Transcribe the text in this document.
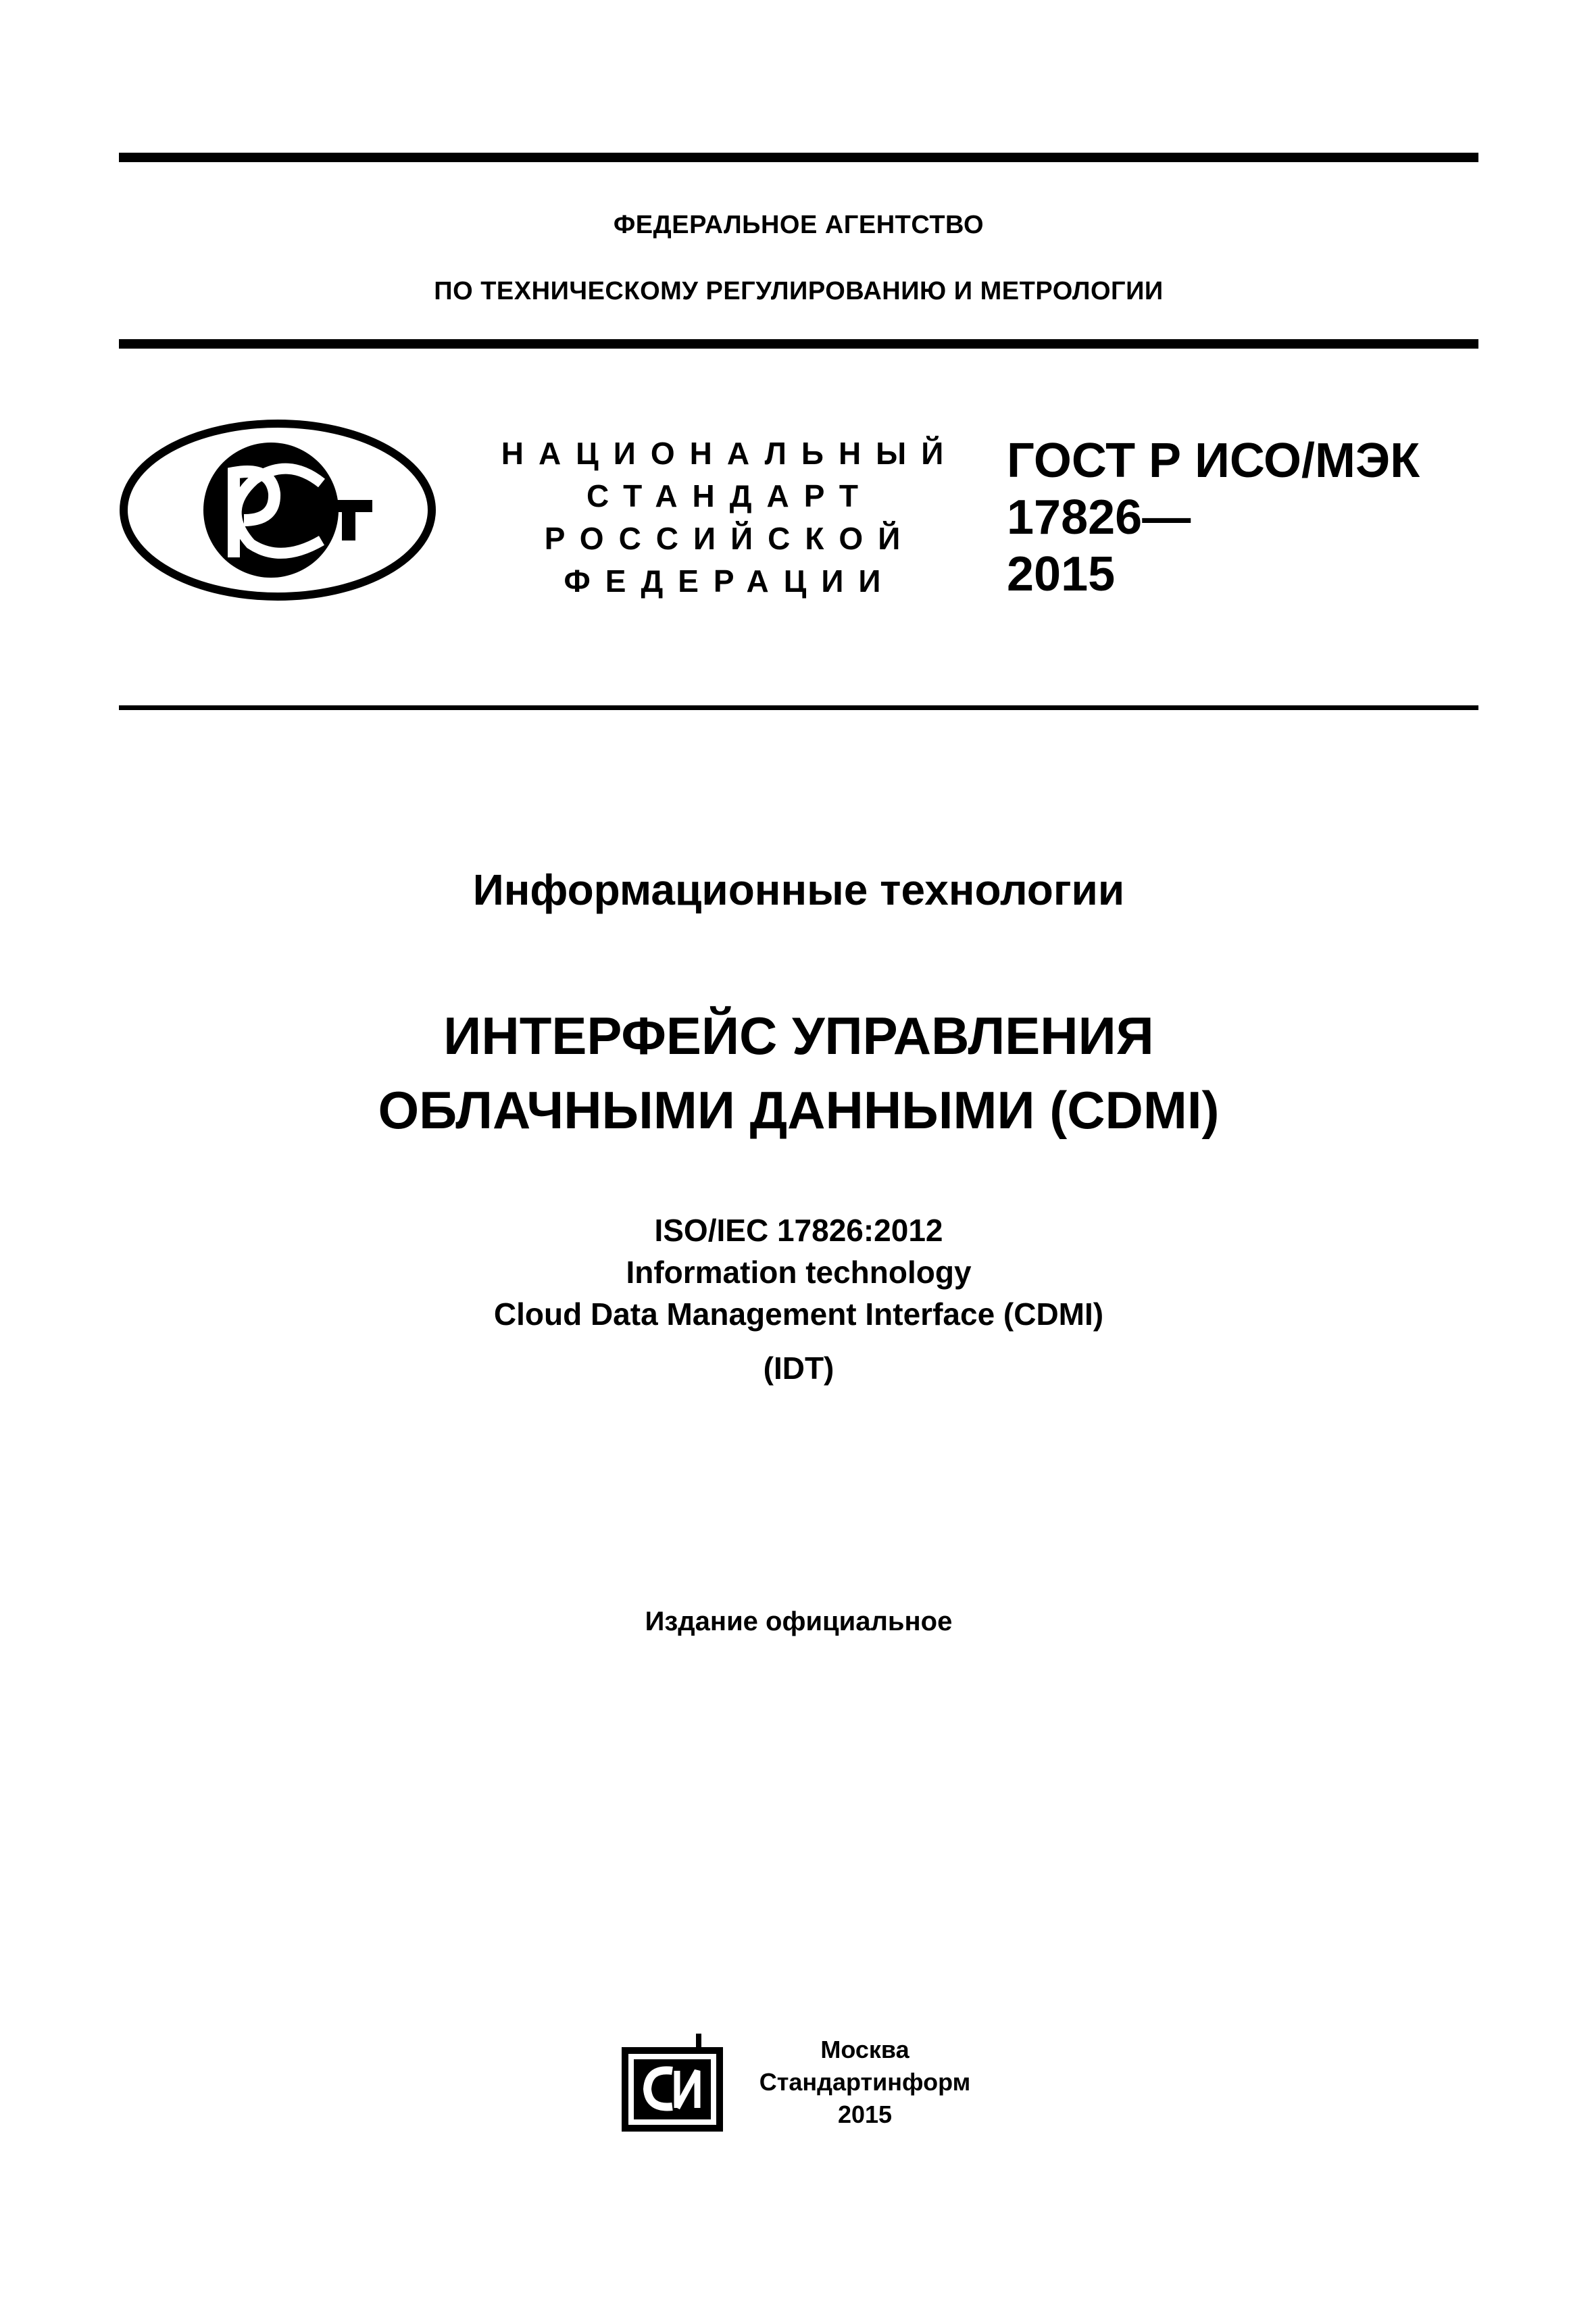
ФЕДЕРАЛЬНОЕ АГЕНТСТВО
ПО ТЕХНИЧЕСКОМУ РЕГУЛИРОВАНИЮ И МЕТРОЛОГИИ
НАЦИОНАЛЬНЫЙ
СТАНДАРТ
РОССИЙСКОЙ
ФЕДЕРАЦИИ
ГОСТ Р ИСО/МЭК
17826—
2015
Информационные технологии
ИНТЕРФЕЙС УПРАВЛЕНИЯ
ОБЛАЧНЫМИ ДАННЫМИ (CDMI)
ISO/IEC 17826:2012
Information technology
Cloud Data Management Interface (CDMI)
(IDT)
Издание официальное
Москва
Стандартинформ
2015
